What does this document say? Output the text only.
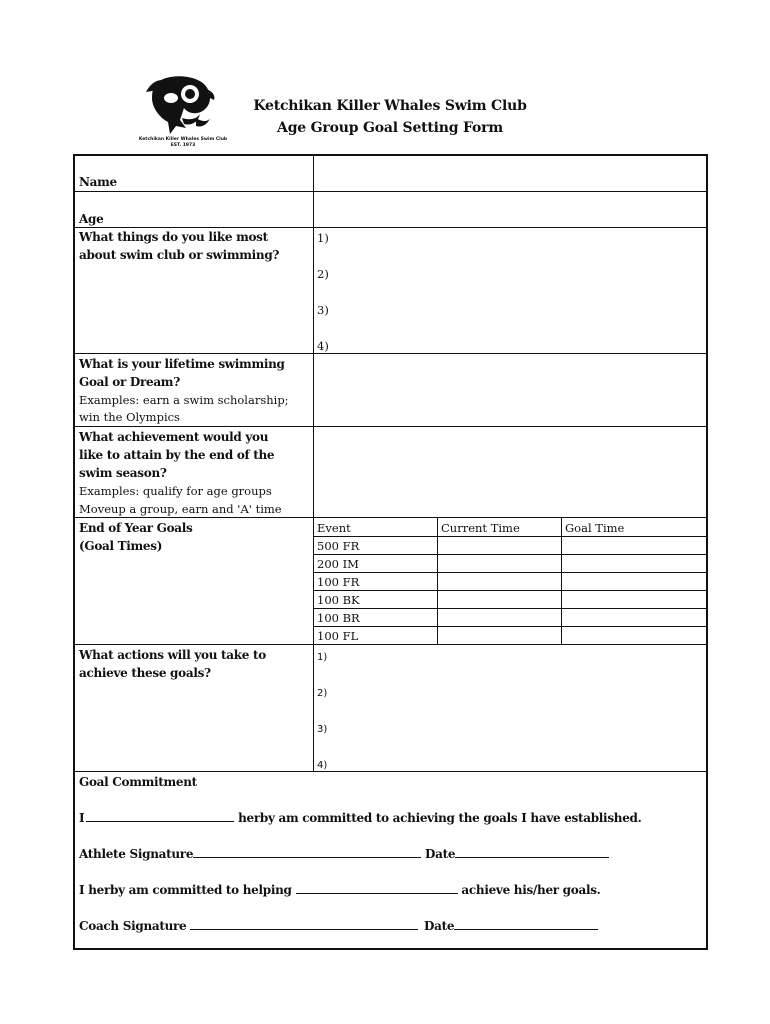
Ketchikan Killer Whales Swim Club
EST. 1973
Ketchikan Killer Whales Swim Club
Age Group Goal Setting Form
Name
Age
What things do you like most
about swim club or swimming?
1)
2)
3)
4)
What is your lifetime swimming
Goal or Dream?
Examples: earn a swim scholarship;
win the Olympics
What achievement would you
like to attain by the end of the
swim season?
Examples: qualify for age groups
Moveup a group, earn and 'A' time
End of Year Goals
(Goal Times)
Event	Current Time	Goal Time
500 FR
200 IM
100 FR
100 BK
100 BR
100 FL
What actions will you take to
achieve these goals?
1)
2)
3)
4)
Goal Commitment
I	herby am committed to achieving the goals I have established.
Athlete Signature	Date
I herby am committed to helping	achieve his/her goals.
Coach Signature	Date
